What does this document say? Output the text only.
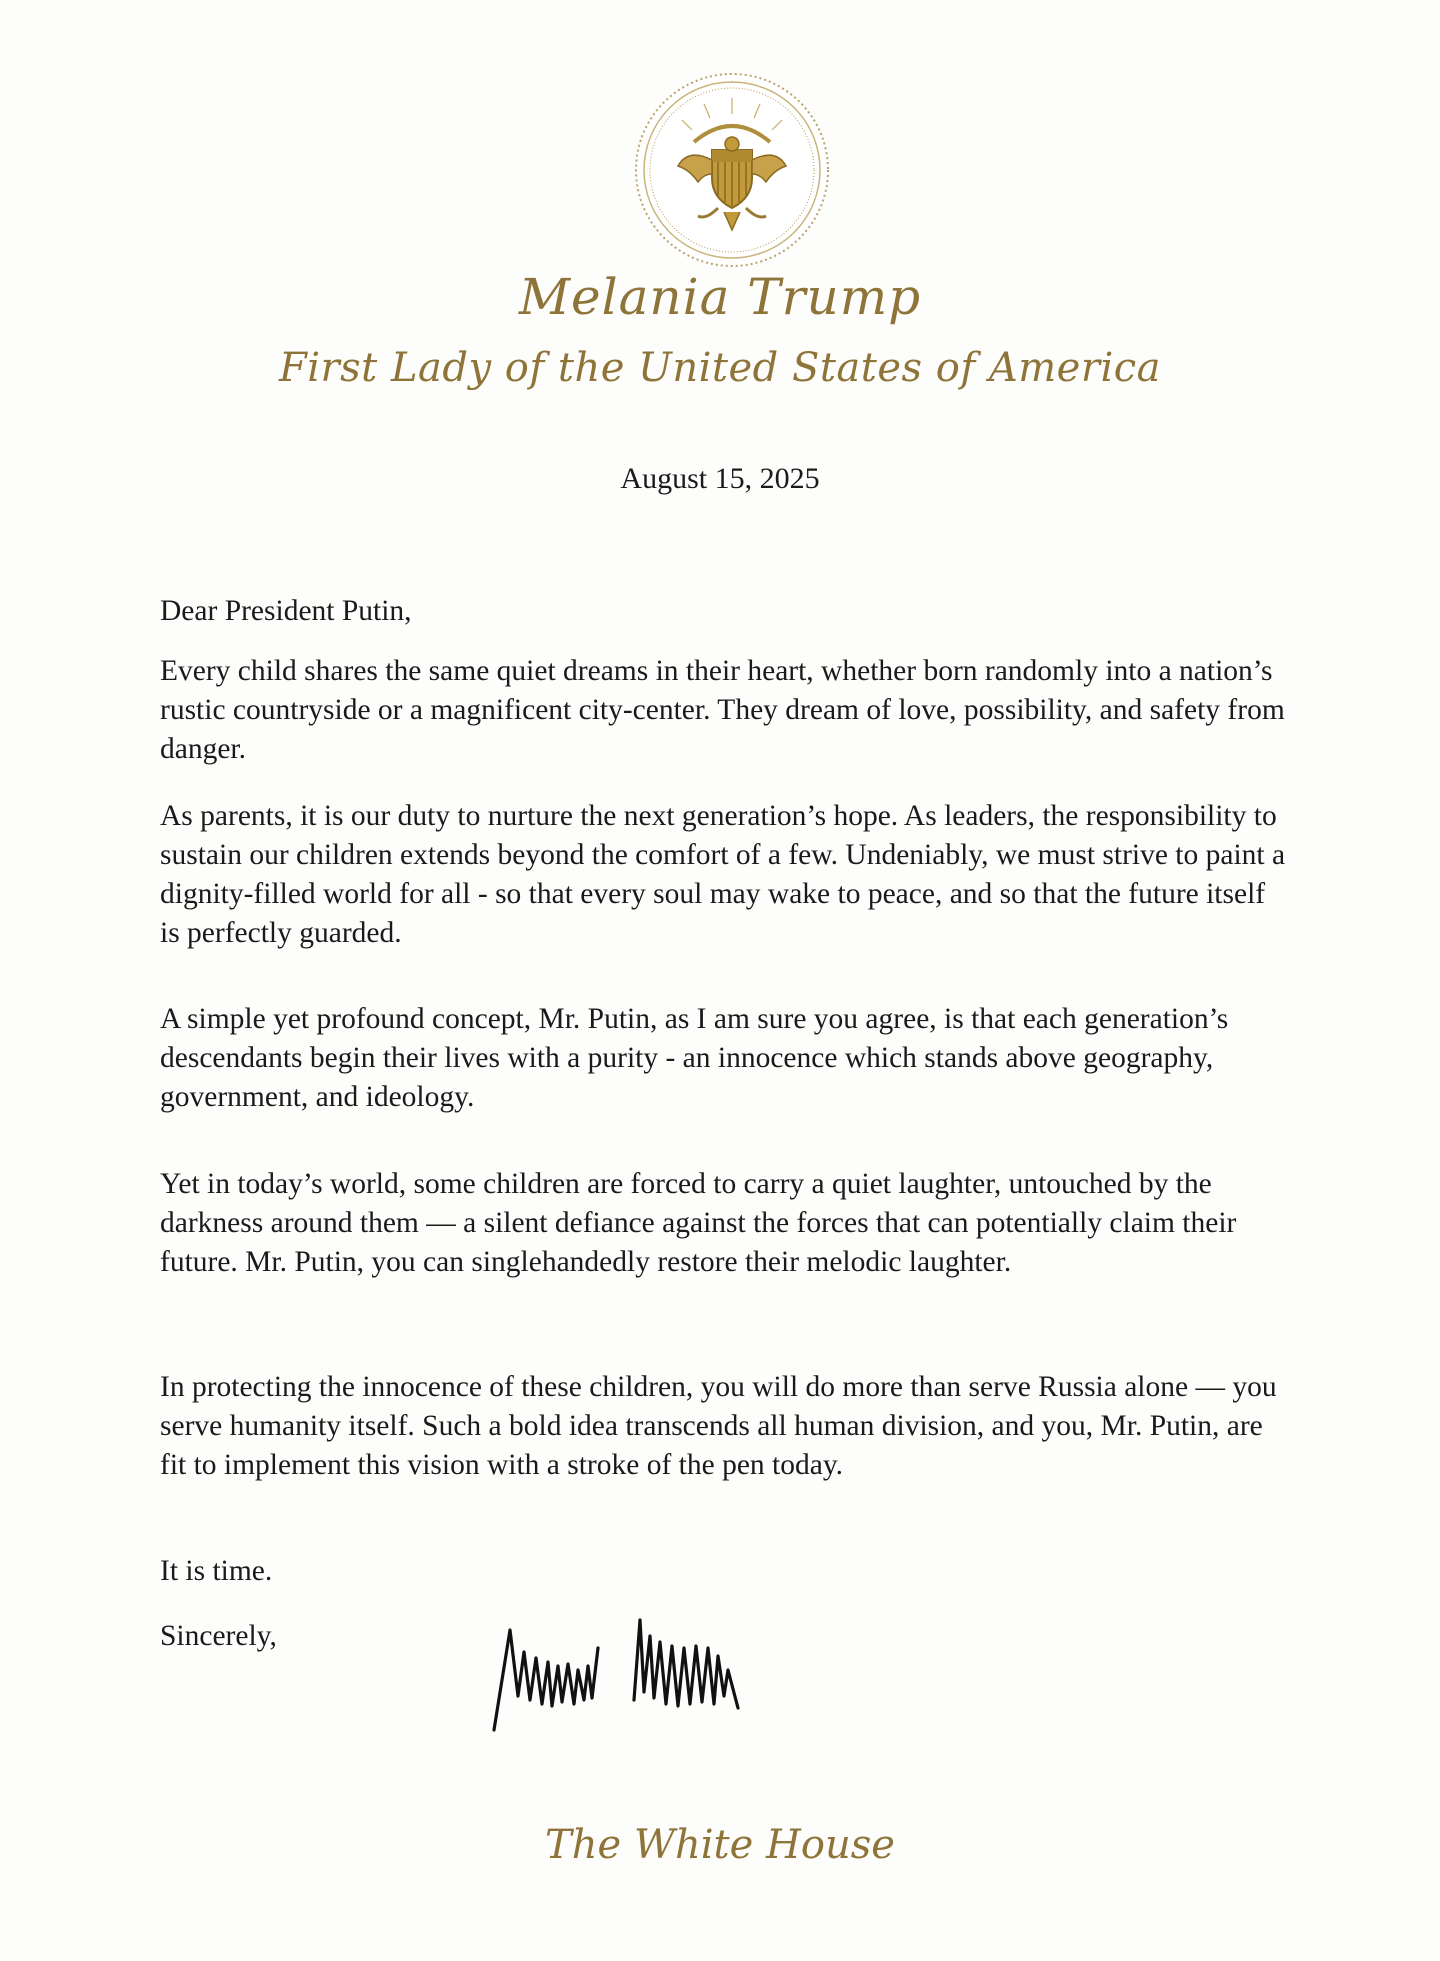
Melania Trump
First Lady of the United States of America
August 15, 2025
Dear President Putin,
Every child shares the same quiet dreams in their heart, whether born randomly into a nation’s rustic countryside or a magnificent city-center. They dream of love, possibility, and safety from danger.
As parents, it is our duty to nurture the next generation’s hope. As leaders, the responsibility to sustain our children extends beyond the comfort of a few. Undeniably, we must strive to paint a dignity-filled world for all - so that every soul may wake to peace, and so that the future itself is perfectly guarded.
A simple yet profound concept, Mr. Putin, as I am sure you agree, is that each generation’s descendants begin their lives with a purity - an innocence which stands above geography, government, and ideology.
Yet in today’s world, some children are forced to carry a quiet laughter, untouched by the darkness around them — a silent defiance against the forces that can potentially claim their future. Mr. Putin, you can singlehandedly restore their melodic laughter.
In protecting the innocence of these children, you will do more than serve Russia alone — you serve humanity itself. Such a bold idea transcends all human division, and you, Mr. Putin, are fit to implement this vision with a stroke of the pen today.
It is time.
Sincerely,
The White House
